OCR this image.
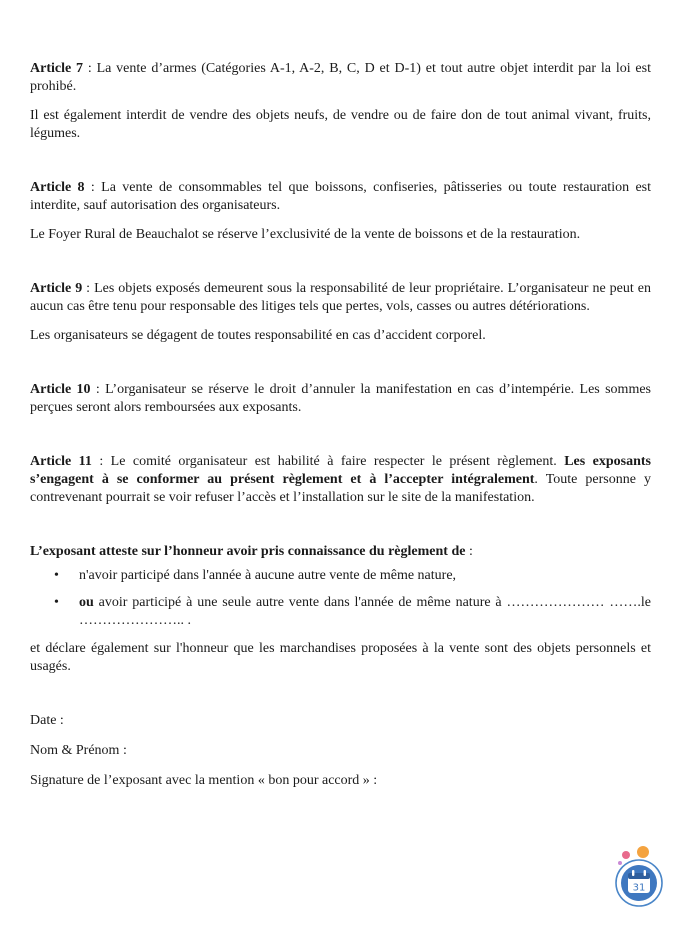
Article 7 : La vente d’armes (Catégories A-1, A-2, B, C, D et D-1) et tout autre objet interdit par la loi est prohibé.

Il est également interdit de vendre des objets neufs, de vendre ou de faire don de tout animal vivant, fruits, légumes.

Article 8 : La vente de consommables tel que boissons, confiseries, pâtisseries ou toute restauration est interdite, sauf autorisation des organisateurs.

Le Foyer Rural de Beauchalot se réserve l’exclusivité de la vente de boissons et de la restauration.

Article 9 : Les objets exposés demeurent sous la responsabilité de leur propriétaire. L’organisateur ne peut en aucun cas être tenu pour responsable des litiges tels que pertes, vols, casses ou autres détériorations.

Les organisateurs se dégagent de toutes responsabilité en cas d’accident corporel.

Article 10 : L’organisateur se réserve le droit d’annuler la manifestation en cas d’intempérie. Les sommes perçues seront alors remboursées aux exposants.

Article 11 : Le comité organisateur est habilité à faire respecter le présent règlement. Les exposants s’engagent à se conformer au présent règlement et à l’accepter intégralement. Toute personne y contrevenant pourrait se voir refuser l’accès et l’installation sur le site de la manifestation.

L’exposant atteste sur l’honneur avoir pris connaissance du règlement de :

• n'avoir participé dans l'année à aucune autre vente de même nature,
• ou avoir participé à une seule autre vente dans l'année de même nature à ………………… …….le ………………….. .

et déclare également sur l'honneur que les marchandises proposées à la vente sont des objets personnels et usagés.

Date :

Nom & Prénom :

Signature de l’exposant avec la mention « bon pour accord » :

31
